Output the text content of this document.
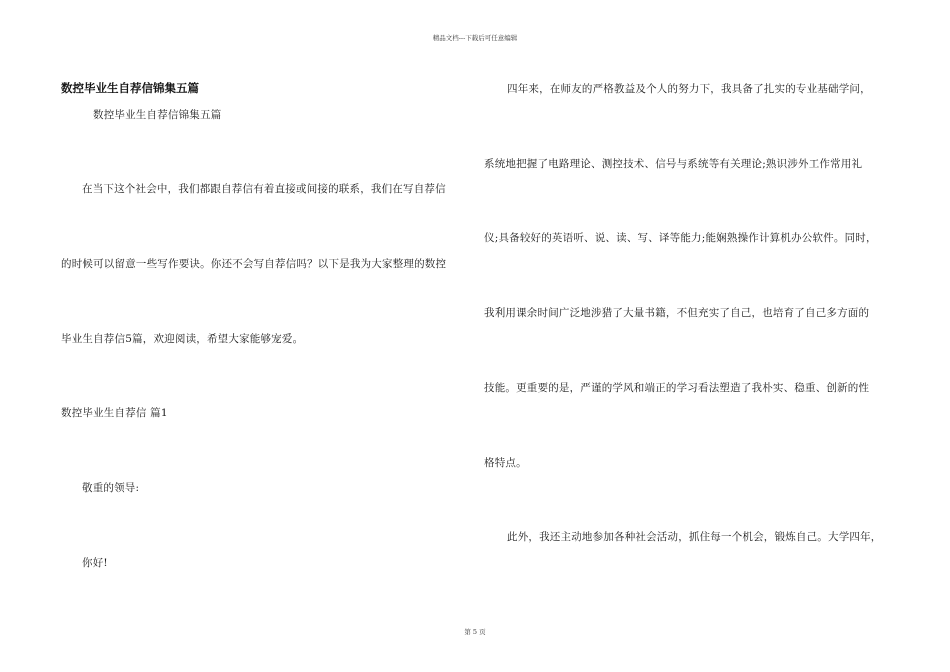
精品文档---下载后可任意编辑
数控毕业生自荐信锦集五篇
数控毕业生自荐信锦集五篇
在当下这个社会中，我们都跟自荐信有着直接或间接的联系，我们在写自荐信
的时候可以留意一些写作要诀。你还不会写自荐信吗？以下是我为大家整理的数控
毕业生自荐信5篇，欢迎阅读，希望大家能够宠爱。
数控毕业生自荐信 篇1
敬重的领导:
你好!
四年来，在师友的严格教益及个人的努力下，我具备了扎实的专业基础学问，
系统地把握了电路理论、测控技术、信号与系统等有关理论;熟识涉外工作常用礼
仪;具备较好的英语听、说、读、写、译等能力;能娴熟操作计算机办公软件。同时，
我利用课余时间广泛地涉猎了大量书籍，不但充实了自己，也培育了自己多方面的
技能。更重要的是，严谨的学风和端正的学习看法塑造了我朴实、稳重、创新的性
格特点。
此外，我还主动地参加各种社会活动，抓住每一个机会，锻炼自己。大学四年，
第 5 页
